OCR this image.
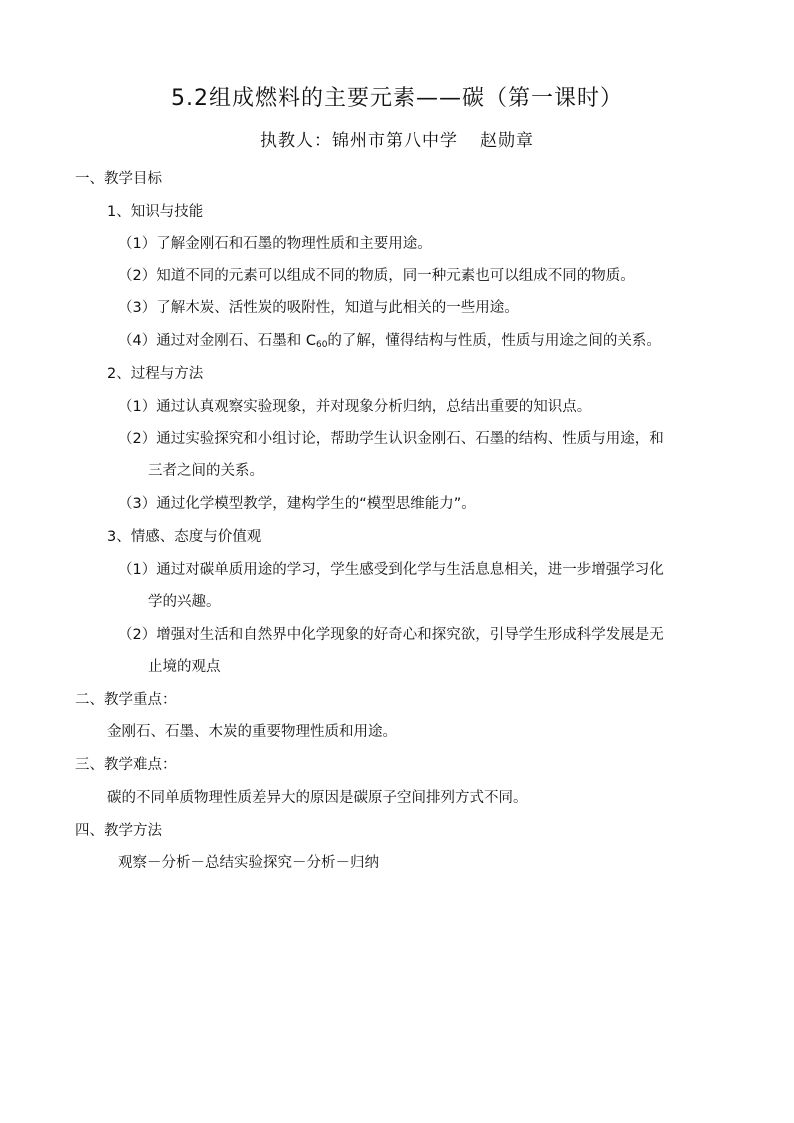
5.2组成燃料的主要元素——碳（第一课时）
执教人：锦州市第八中学 赵勋章
一、教学目标
1、知识与技能
（1）了解金刚石和石墨的物理性质和主要用途。
（2）知道不同的元素可以组成不同的物质，同一种元素也可以组成不同的物质。
（3）了解木炭、活性炭的吸附性，知道与此相关的一些用途。
（4）通过对金刚石、石墨和 $C_{60}$的了解，懂得结构与性质，性质与用途之间的关系。
2、过程与方法
（1）通过认真观察实验现象，并对现象分析归纳，总结出重要的知识点。
（2）通过实验探究和小组讨论，帮助学生认识金刚石、石墨的结构、性质与用途，和
三者之间的关系。
（3）通过化学模型教学，建构学生的“模型思维能力”。
3、情感、态度与价值观
（1）通过对碳单质用途的学习，学生感受到化学与生活息息相关，进一步增强学习化
学的兴趣。
（2）增强对生活和自然界中化学现象的好奇心和探究欲，引导学生形成科学发展是无
止境的观点
二、教学重点：
金刚石、石墨、木炭的重要物理性质和用途。
三、教学难点：
碳的不同单质物理性质差异大的原因是碳原子空间排列方式不同。
四、教学方法
观察－分析－总结实验探究－分析－归纳
